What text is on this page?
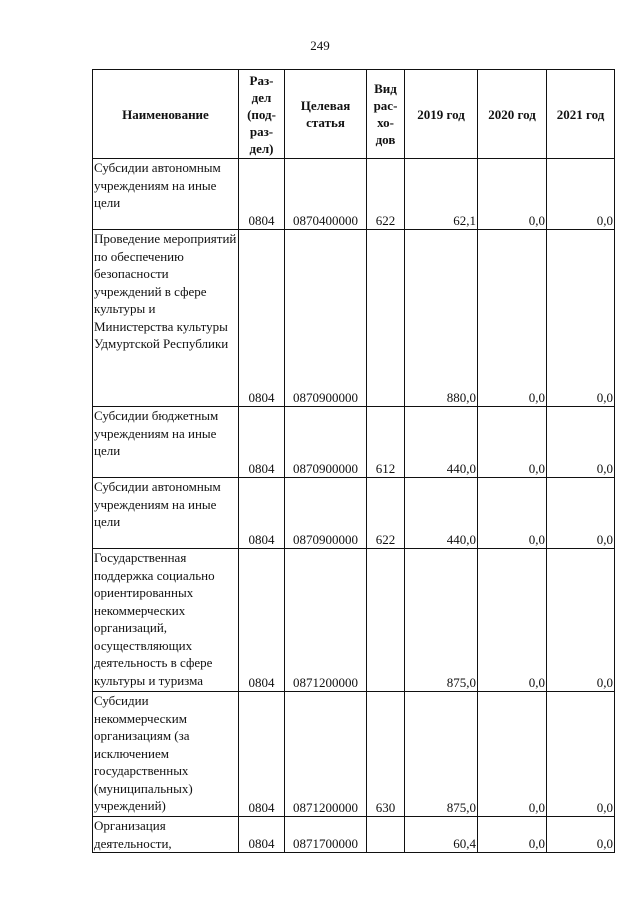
249
Наименование	Раз-
дел
(под-
раз-
дел)	Целевая
статья	Вид
рас-
хо-
дов	2019 год	2020 год	2021 год
Субсидии автономным учреждениям на иные цели	0804	0870400000	622	62,1	0,0	0,0
Проведение мероприятий по обеспечению безопасности учреждений в сфере культуры и Министерства культуры Удмуртской Республики	0804	0870900000		880,0	0,0	0,0
Субсидии бюджетным учреждениям на иные цели	0804	0870900000	612	440,0	0,0	0,0
Субсидии автономным учреждениям на иные цели	0804	0870900000	622	440,0	0,0	0,0
Государственная поддержка социально ориентированных некоммерческих организаций, осуществляющих деятельность в сфере культуры и туризма	0804	0871200000		875,0	0,0	0,0
Субсидии некоммерческим организациям (за исключением государственных (муниципальных) учреждений)	0804	0871200000	630	875,0	0,0	0,0
Организация деятельности,	0804	0871700000		60,4	0,0	0,0
